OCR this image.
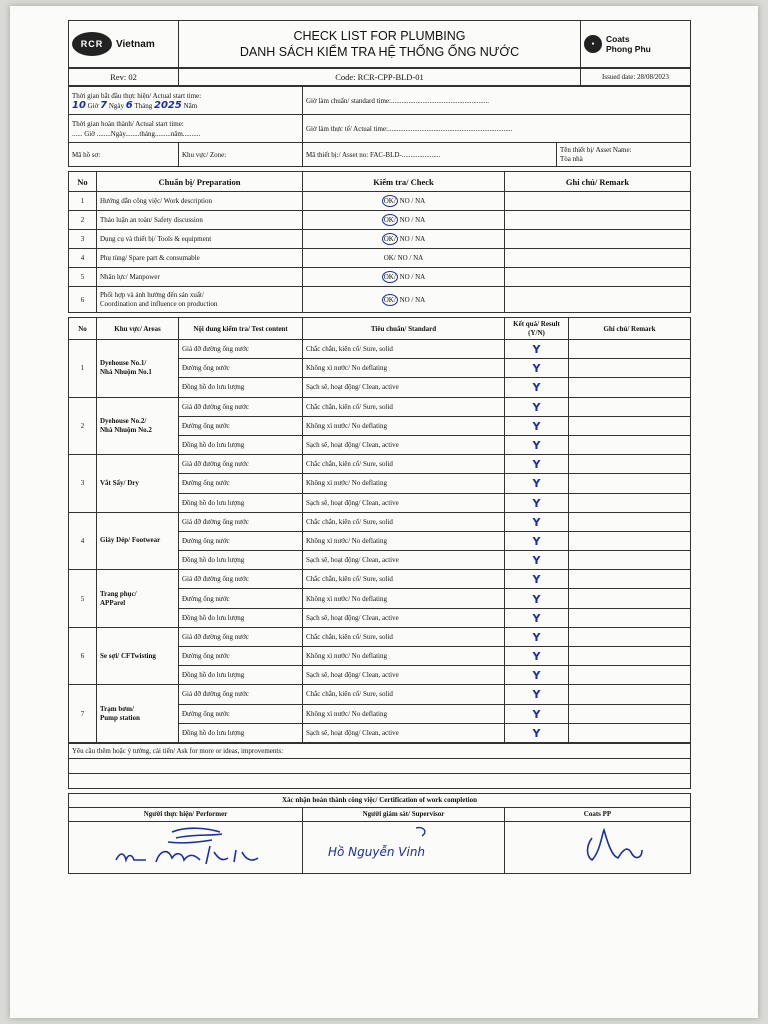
RCR	Vietnam

CHECK LIST FOR PLUMBING
DANH SÁCH KIỂM TRA HỆ THỐNG ỐNG NƯỚC

●	Coats
Phong Phu
Rev: 02	Code: RCR-CPP-BLD-01	Issued date: 28/08/2023
Thời gian bắt đầu thực hiện/ Actual start time:
10 Giờ 7 Ngày 6 Tháng 2025 Năm		Giờ làm chuẩn/ standard time:........................................................	

Thời gian hoàn thành/ Actual start time:
...... Giờ ........Ngày........tháng.........năm..........		Giờ làm thực tế/ Actual time:.......................................................................	
Mã hồ sơ:	Khu vực/ Zone:	Mã thiết bị:/ Asset no: FAC-BLD-......................	Tên thiết bị/ Asset Name:
Tòa nhà
No	Chuẩn bị/ Preparation	Kiểm tra/ Check	Ghi chú/ Remark
1	Hướng dẫn công việc/ Work description	OK/ NO / NA	
2	Thảo luận an toàn/ Safety discussion	OK/ NO / NA	
3	Dụng cụ và thiết bị/ Tools & equipment	OK/ NO / NA	
4	Phụ tùng/ Spare part & consumable	OK/ NO / NA	
5	Nhân lực/ Manpower	OK/ NO / NA	
6	Phối hợp và ảnh hưởng đến sản xuất/
Coordination and influence on production	OK/ NO / NA	
No	Khu vực/ Areas	Nội dung kiểm tra/ Test content	Tiêu chuẩn/ Standard	Kết quả/ Result
(Y/N)	Ghi chú/ Remark
1	Dyehouse No.1/
Nhà Nhuộm No.1	Giá đỡ đường ống nước	Chắc chắn, kiên cố/ Sure, solid	Y	
		Đường ống nước	Không xì nước/ No deflating	Y	
		Đồng hồ đo lưu lượng	Sạch sẽ, hoạt động/ Clean, active	Y	
2	Dyehouse No.2/
Nhà Nhuộm No.2	Giá đỡ đường ống nước	Chắc chắn, kiên cố/ Sure, solid	Y	
		Đường ống nước	Không xì nước/ No deflating	Y	
		Đồng hồ đo lưu lượng	Sạch sẽ, hoạt động/ Clean, active	Y	
3	Vắt Sấy/ Dry	Giá đỡ đường ống nước	Chắc chắn, kiên cố/ Sure, solid	Y	
		Đường ống nước	Không xì nước/ No deflating	Y	
		Đồng hồ đo lưu lượng	Sạch sẽ, hoạt động/ Clean, active	Y	
4	Giày Dép/ Footwear	Giá đỡ đường ống nước	Chắc chắn, kiên cố/ Sure, solid	Y	
		Đường ống nước	Không xì nước/ No deflating	Y	
		Đồng hồ đo lưu lượng	Sạch sẽ, hoạt động/ Clean, active	Y	
5	Trang phục/
APParel	Giá đỡ đường ống nước	Chắc chắn, kiên cố/ Sure, solid	Y	
		Đường ống nước	Không xì nước/ No deflating	Y	
		Đồng hồ đo lưu lượng	Sạch sẽ, hoạt động/ Clean, active	Y	
6	Se sợi/ CFTwisting	Giá đỡ đường ống nước	Chắc chắn, kiên cố/ Sure, solid	Y	
		Đường ống nước	Không xì nước/ No deflating	Y	
		Đồng hồ đo lưu lượng	Sạch sẽ, hoạt động/ Clean, active	Y	
7	Trạm bơm/
Pump station	Giá đỡ đường ống nước	Chắc chắn, kiên cố/ Sure, solid	Y	
		Đường ống nước	Không xì nước/ No deflating	Y	
		Đồng hồ đo lưu lượng	Sạch sẽ, hoạt động/ Clean, active	Y	
Yêu cầu thêm hoặc ý tưởng, cải tiến/ Ask for more or ideas, improvements:

Xác nhận hoàn thành công việc/ Certification of work completion		
Người thực hiện/ Performer	Người giám sát/ Supervisor	Coats PP

Hồ Nguyễn Vinh
